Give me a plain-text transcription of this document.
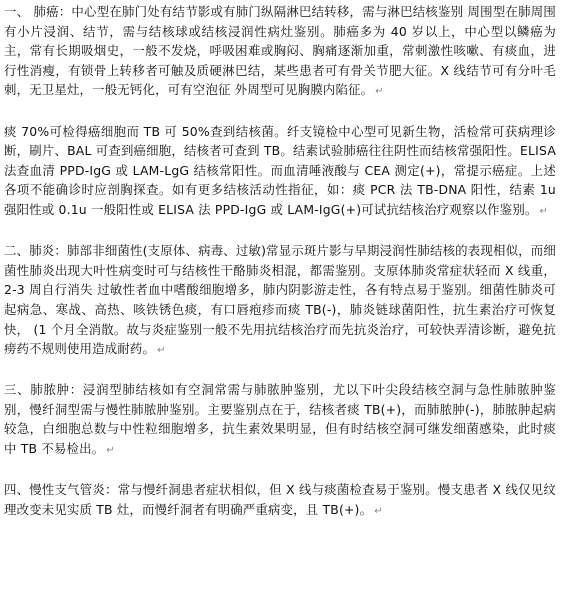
一、 肺癌：中心型在肺门处有结节影或有肺门纵隔淋巴结转移，需与淋巴结核鉴别 周围型在肺周围有小片浸润、结节，需与结核球或结核浸润性病灶鉴别。肺癌多为 40 岁以上，中心型以鳞癌为主，常有长期吸烟史，一般不发烧，呼吸困难或胸闷、胸痛逐渐加重，常刺激性咳嗽、有痰血，进行性消瘦，有锁骨上转移者可触及质硬淋巴结，某些患者可有骨关节肥大征。X 线结节可有分叶毛刺，无卫星灶，一般无钙化，可有空泡征 外周型可见胸膜内陷征。 ↵

痰 70%可检得癌细胞而 TB 可 50%查到结核菌。纤支镜检中心型可见新生物，活检常可获病理诊断，刷片、BAL 可查到癌细胞，结核者可查到 TB。结素试验肺癌往往阴性而结核常强阳性。ELISA 法查血清 PPD-IgG 或 LAM-LgG 结核常阳性。而血清唾液酸与 CEA 测定(+)，常提示癌症。上述各项不能确诊时应剖胸探查。如有更多结核活动性指征，如：痰 PCR 法 TB-DNA 阳性，结素 1u 强阳性或 0.1u 一般阳性或 ELISA 法 PPD-IgG 或 LAM-IgG(+)可试抗结核治疗观察以作鉴别。 ↵

二、肺炎：肺部非细菌性(支原体、病毒、过敏)常显示斑片影与早期浸润性肺结核的表现相似，而细菌性肺炎出现大叶性病变时可与结核性干酪肺炎相混，都需鉴别。支原体肺炎常症状轻而 X 线重，2-3 周自行消失 过敏性者血中嗜酸细胞增多，肺内阴影游走性，各有特点易于鉴别。细菌性肺炎可起病急、寒战、高热、咳铁锈色痰，有口唇疱疹而痰 TB(-)，肺炎链球菌阳性，抗生素治疗可恢复快， (1 个月全消散。故与炎症鉴别一般不先用抗结核治疗而先抗炎治疗，可较快弄清诊断，避免抗痨药不规则使用造成耐药。 ↵

三、肺脓肿：浸润型肺结核如有空洞常需与肺脓肿鉴别，尤以下叶尖段结核空洞与急性肺脓肿鉴别，慢纤洞型需与慢性肺脓肿鉴别。主要鉴别点在于，结核者痰 TB(+)，而肺脓肿(-)，肺脓肿起病较急，白细胞总数与中性粒细胞增多，抗生素效果明显，但有时结核空洞可继发细菌感染，此时痰中 TB 不易检出。 ↵

四、慢性支气管炎：常与慢纤洞患者症状相似，但 X 线与痰菌检查易于鉴别。慢支患者 X 线仅见纹理改变未见实质 TB 灶，而慢纤洞者有明确严重病变，且 TB(+)。 ↵
